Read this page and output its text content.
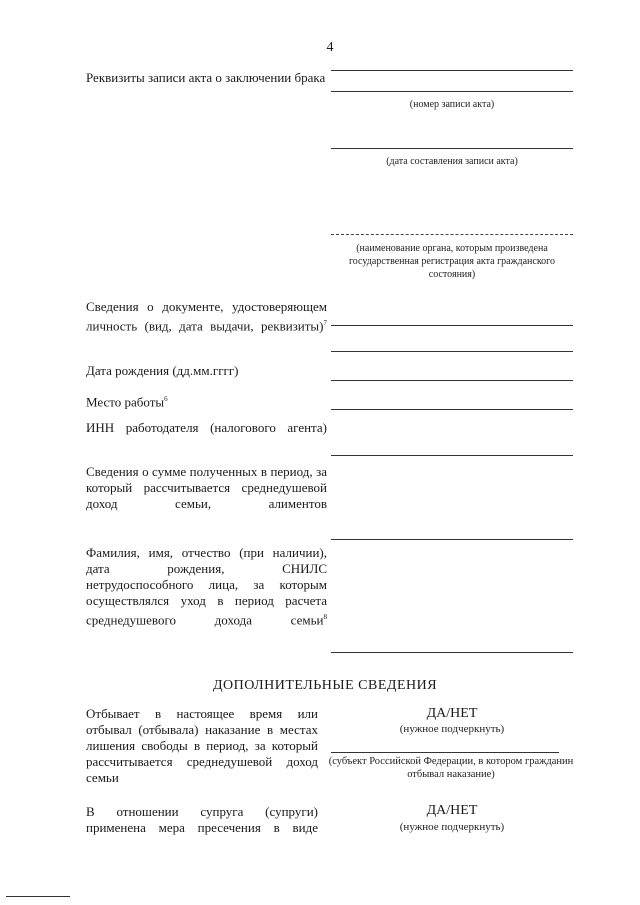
4
Реквизиты записи акта о заключении брака
(номер записи акта)
(дата составления записи акта)
(наименование органа, которым произведена государственная регистрация акта гражданского состояния)
Сведения о документе, удостоверяющем личность (вид, дата выдачи, реквизиты)$^7$
Дата рождения (дд.мм.гггг)
Место работы$^6$
ИНН работодателя (налогового агента)
Сведения о сумме полученных в период, за который рассчитывается среднедушевой доход семьи, алиментов
Фамилия, имя, отчество (при наличии), дата рождения, СНИЛС нетрудоспособного лица, за которым осуществлялся уход в период расчета среднедушевого дохода семьи$^8$
ДОПОЛНИТЕЛЬНЫЕ СВЕДЕНИЯ
Отбывает в настоящее время или отбывал (отбывала) наказание в местах лишения свободы в период, за который рассчитывается среднедушевой доход семьи
ДА/НЕТ
(нужное подчеркнуть)
(субъект Российской Федерации, в котором гражданин отбывал наказание)
В отношении супруга (супруги) применена мера пресечения в виде
ДА/НЕТ
(нужное подчеркнуть)
